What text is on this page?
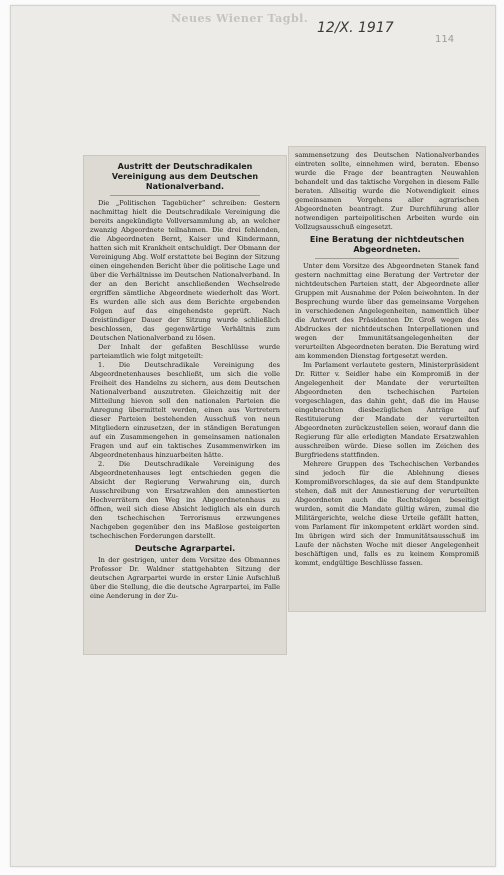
Neues Wiener Tagbl.
12/X. 1917
114
Austritt der Deutschradikalen Vereinigung aus dem Deutschen Nationalverband.

Die „Politischen Tagebücher“ schreiben: Gestern nachmittag hielt die Deutschradikale Vereinigung die bereits angekündigte Vollversammlung ab, an welcher zwanzig Abgeordnete teilnahmen. Die drei fehlenden, die Abgeordneten Bernt, Kaiser und Kindermann, hatten sich mit Krankheit entschuldigt. Der Obmann der Vereinigung Abg. Wolf erstattete bei Beginn der Sitzung einen eingehenden Bericht über die politische Lage und über die Verhältnisse im Deutschen Nationalverband. In der an den Bericht anschließenden Wechselrede ergriffen sämtliche Abgeordnete wiederholt das Wort. Es wurden alle sich aus dem Berichte ergebenden Folgen auf das eingehendste geprüft. Nach dreistündiger Dauer der Sitzung wurde schließlich beschlossen, das gegenwärtige Verhältnis zum Deutschen Nationalverband zu lösen.

Der Inhalt der gefaßten Beschlüsse wurde parteiamtlich wie folgt mitgeteilt:

1. Die Deutschradikale Vereinigung des Abgeordnetenhauses beschließt, um sich die volle Freiheit des Handelns zu sichern, aus dem Deutschen Nationalverband auszutreten. Gleichzeitig mit der Mitteilung hievon soll den nationalen Parteien die Anregung übermittelt werden, einen aus Vertretern dieser Parteien bestehenden Ausschuß von neun Mitgliedern einzusetzen, der in ständigen Beratungen auf ein Zusammengehen in gemeinsamen nationalen Fragen und auf ein taktisches Zusammenwirken im Abgeordnetenhaus hinzuarbeiten hätte.

2. Die Deutschradikale Vereinigung des Abgeordnetenhauses legt entschieden gegen die Absicht der Regierung Verwahrung ein, durch Ausschreibung von Ersatzwahlen den amnestierten Hochverrätern den Weg ins Abgeordnetenhaus zu öffnen, weil sich diese Absicht lediglich als ein durch den tschechischen Terrorismus erzwungenes Nachgeben gegenüber den ins Maßlose gesteigerten tschechischen Forderungen darstellt.

Deutsche Agrarpartei.

In der gestrigen, unter dem Vorsitze des Obmannes Professor Dr. Waldner stattgehabten Sitzung der deutschen Agrarpartei wurde in erster Linie Aufschluß über die Stellung, die die deutsche Agrarpartei, im Falle eine Aenderung in der Zu-

sammensetzung des Deutschen Nationalverbandes eintreten sollte, einnehmen wird, beraten. Ebenso wurde die Frage der beantragten Neuwahlen behandelt und das taktische Vorgehen in diesem Falle beraten. Allseitig wurde die Notwendigkeit eines gemeinsamen Vorgehens aller agrarischen Abgeordneten beantragt. Zur Durchführung aller notwendigen parteipolitischen Arbeiten wurde ein Vollzugsausschuß eingesetzt.

Eine Beratung der nichtdeutschen Abgeordneten.

Unter dem Vorsitze des Abgeordneten Stanek fand gestern nachmittag eine Beratung der Vertreter der nichtdeutschen Parteien statt, der Abgeordnete aller Gruppen mit Ausnahme der Polen beiwohnten. In der Besprechung wurde über das gemeinsame Vorgehen in verschiedenen Angelegenheiten, namentlich über die Antwort des Präsidenten Dr. Groß wegen des Abdruckes der nichtdeutschen Interpellationen und wegen der Immunitätsangelegenheiten der verurteilten Abgeordneten beraten. Die Beratung wird am kommenden Dienstag fortgesetzt werden.

Im Parlament verlautete gestern, Ministerpräsident Dr. Ritter v. Seidler habe ein Kompromiß in der Angelegenheit der Mandate der verurteilten Abgeordneten den tschechischen Parteien vorgeschlagen, das dahin geht, daß die im Hause eingebrachten diesbezüglichen Anträge auf Restituierung der Mandate der verurteilten Abgeordneten zurückzustellen seien, worauf dann die Regierung für alle erledigten Mandate Ersatzwahlen ausschreiben würde. Diese sollen im Zeichen des Burgfriedens stattfinden.

Mehrere Gruppen des Tschechischen Verbandes sind jedoch für die Ablehnung dieses Kompromißvorschlages, da sie auf dem Standpunkte stehen, daß mit der Amnestierung der verurteilten Abgeordneten auch die Rechtsfolgen beseitigt wurden, somit die Mandate gültig wären, zumal die Militärgerichte, welche diese Urteile gefällt hatten, vom Parlament für inkompetent erklärt worden sind. Im übrigen wird sich der Immunitätsausschuß im Laufe der nächsten Woche mit dieser Angelegenheit beschäftigen und, falls es zu keinem Kompromiß kommt, endgültige Beschlüsse fassen.
